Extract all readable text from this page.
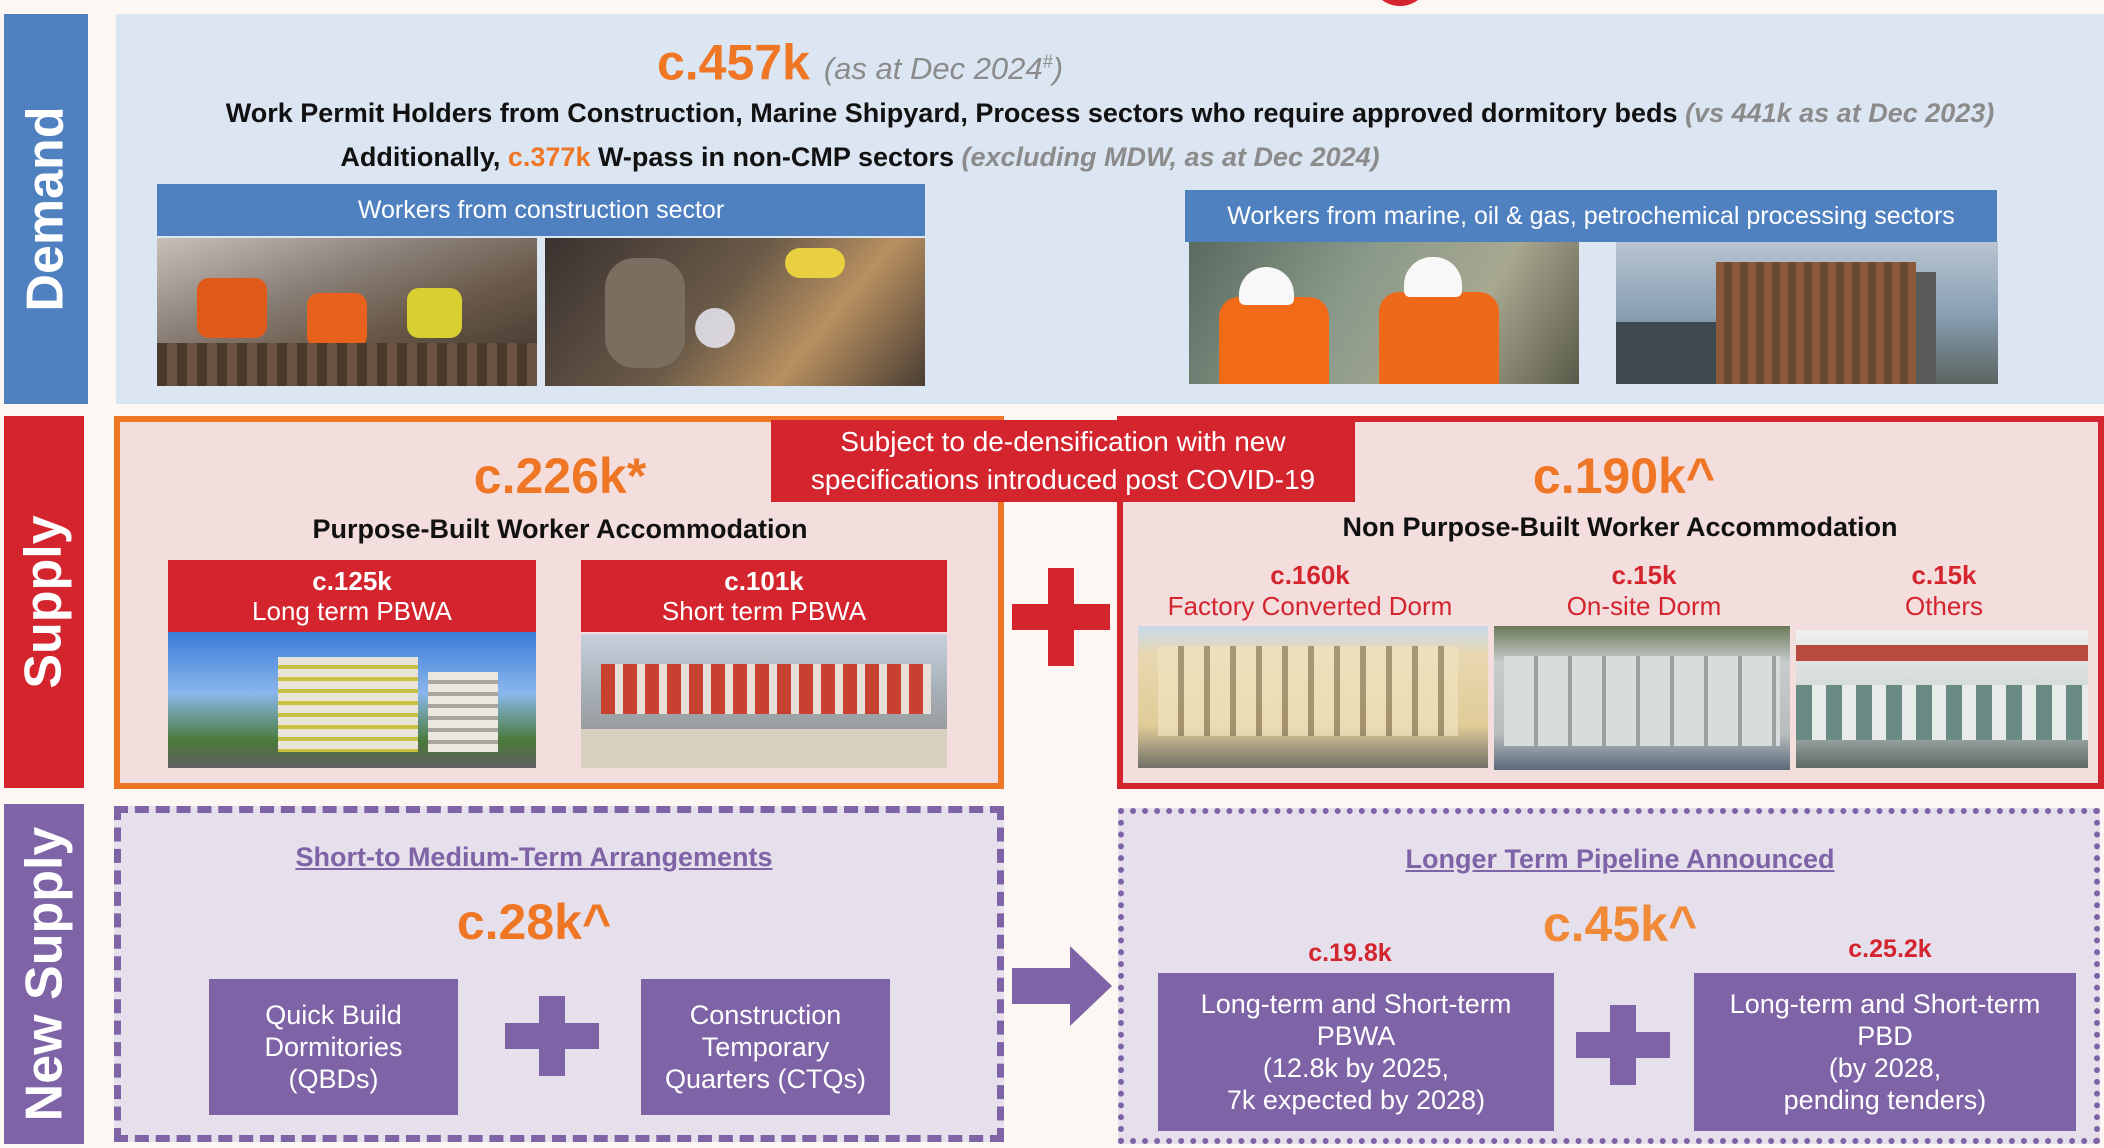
Demand
Supply
New Supply
c.457k (as at Dec 2024#)
Work Permit Holders from Construction, Marine Shipyard, Process sectors who require approved dormitory beds (vs 441k as at Dec 2023)
Additionally, c.377k W-pass in non-CMP sectors (excluding MDW, as at Dec 2024)
Workers from construction sector	Workers from marine, oil & gas, petrochemical processing sectors
Subject to de-densification with new
specifications introduced post COVID-19
c.226k*
Purpose-Built Worker Accommodation
c.125k
Long term PBWA
c.101k
Short term PBWA
c.190k^
Non Purpose-Built Worker Accommodation
c.160k
Factory Converted Dorm
c.15k
On-site Dorm
c.15k
Others
Short-to Medium-Term Arrangements
c.28k^
Quick Build
Dormitories
(QBDs)
Construction
Temporary
Quarters (CTQs)
Longer Term Pipeline Announced
c.45k^
c.19.8k	c.25.2k
Long-term and Short-term
PBWA
(12.8k by 2025,
7k expected by 2028)
Long-term and Short-term
PBD
(by 2028,
pending tenders)
